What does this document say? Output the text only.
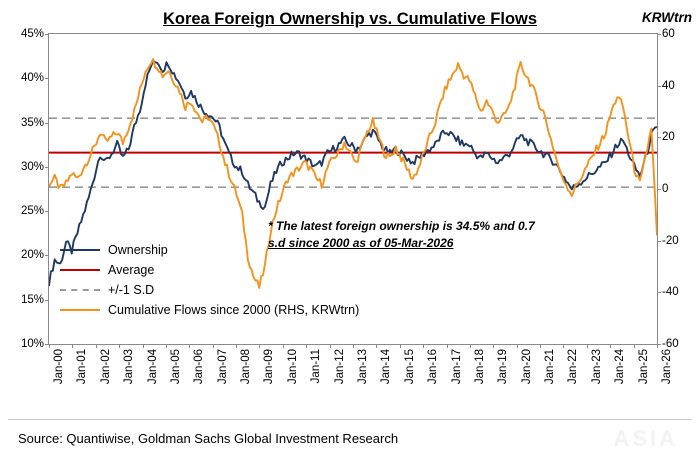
Korea Foreign Ownership vs. Cumulative Flows	KRWtrn
10%
15%
20%
25%
30%
35%
40%
45%
-60
-40
-20
0
20
40
60
Jan-00 Jan-01 Jan-02 Jan-03 Jan-04 Jan-05 Jan-06 Jan-07 Jan-08 Jan-09 Jan-10 Jan-11 Jan-12 Jan-13 Jan-14 Jan-15 Jan-16 Jan-17 Jan-18 Jan-19 Jan-20 Jan-21 Jan-22 Jan-23 Jan-24 Jan-25 Jan-26
* The latest foreign ownership is 34.5% and 0.7
s.d since 2000 as of 05-Mar-2026
Ownership
Average
+/-1 S.D
Cumulative Flows since 2000 (RHS, KRWtrn)
Source: Quantiwise, Goldman Sachs Global Investment Research	ASIA
